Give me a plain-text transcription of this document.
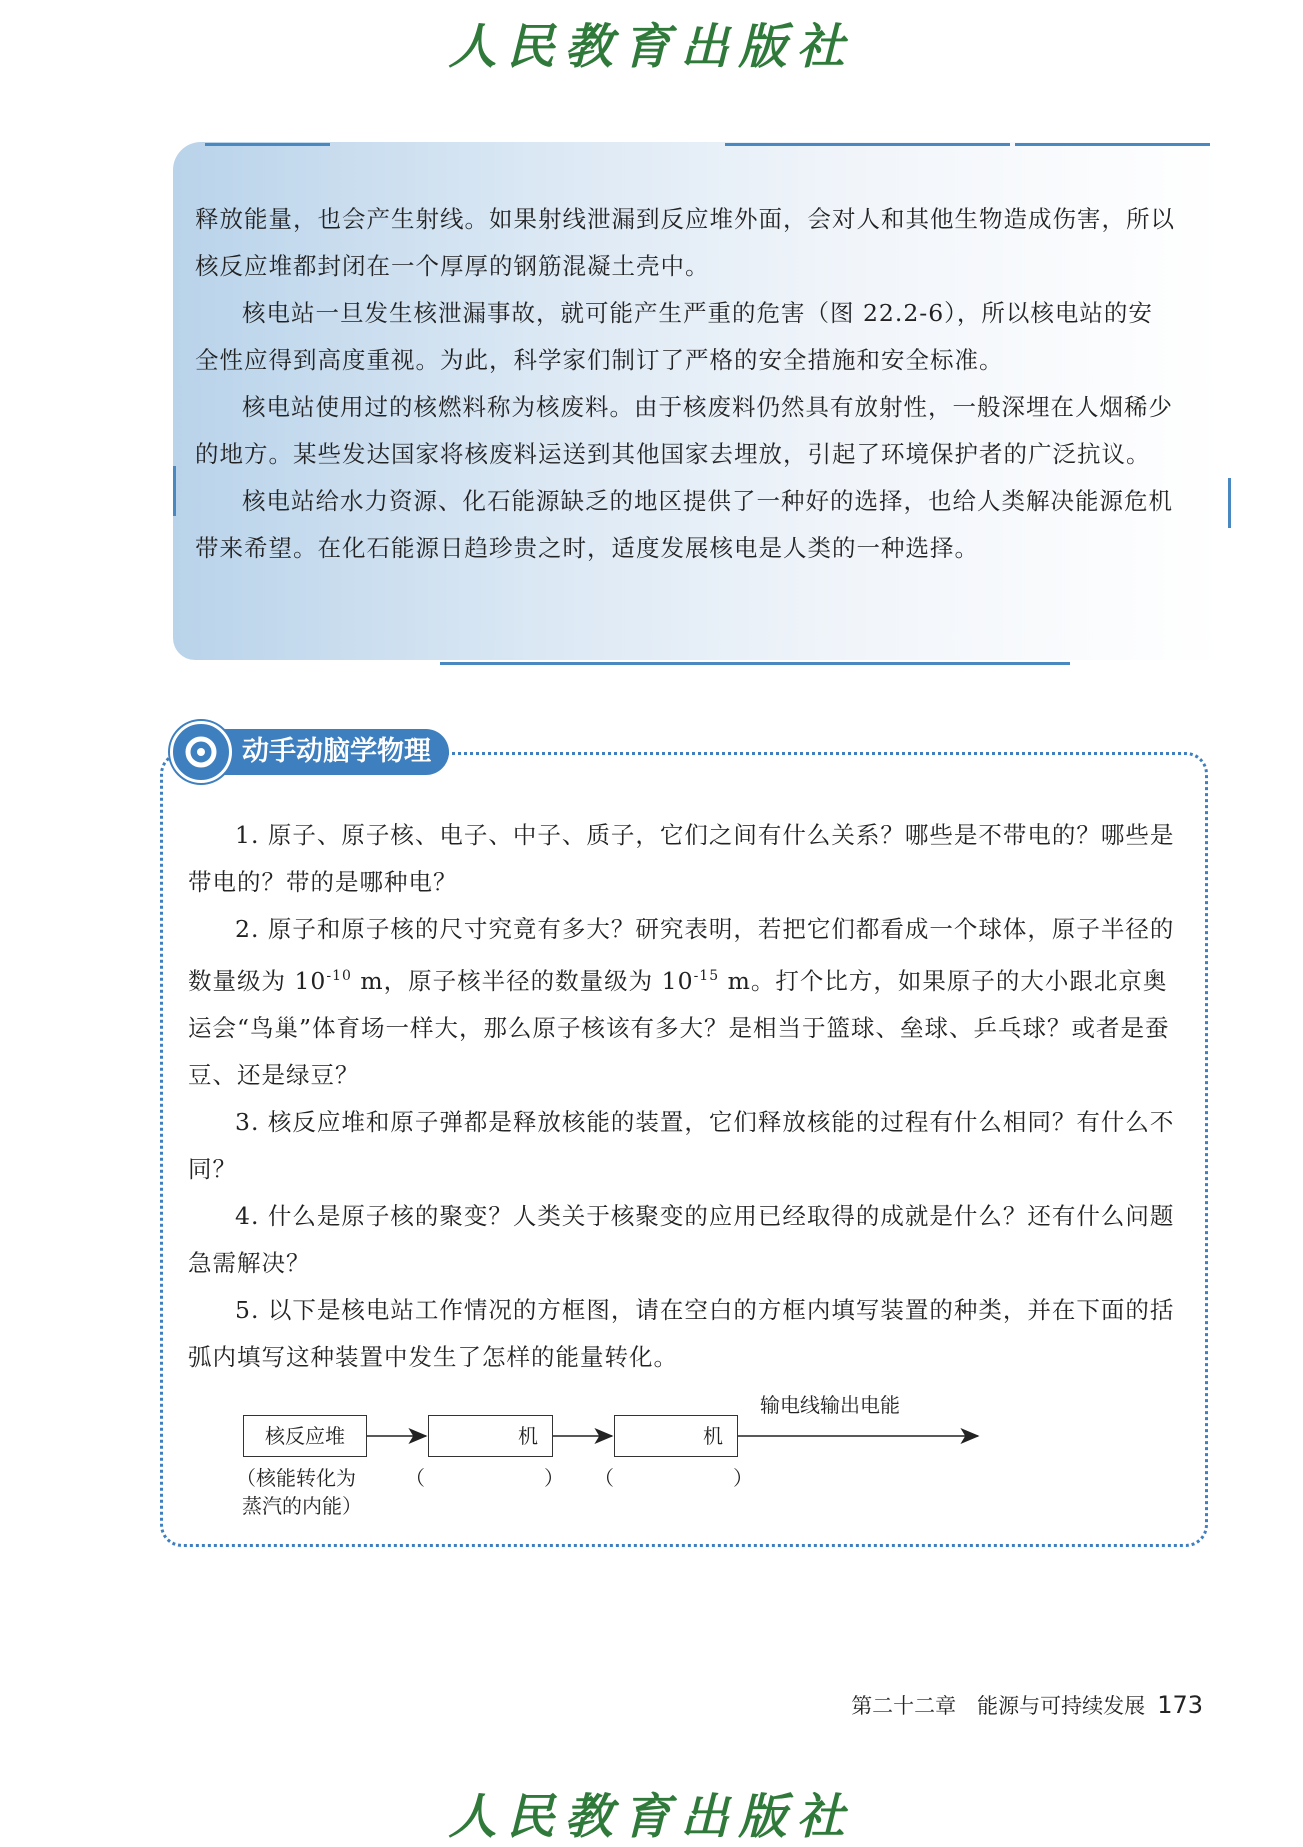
人民教育出版社

释放能量，也会产生射线。如果射线泄漏到反应堆外面，会对人和其他生物造成伤害，所以核反应堆都封闭在一个厚厚的钢筋混凝土壳中。

核电站一旦发生核泄漏事故，就可能产生严重的危害（图 22.2-6），所以核电站的安全性应得到高度重视。为此，科学家们制订了严格的安全措施和安全标准。

核电站使用过的核燃料称为核废料。由于核废料仍然具有放射性，一般深埋在人烟稀少的地方。某些发达国家将核废料运送到其他国家去埋放，引起了环境保护者的广泛抗议。

核电站给水力资源、化石能源缺乏的地区提供了一种好的选择，也给人类解决能源危机带来希望。在化石能源日趋珍贵之时，适度发展核电是人类的一种选择。

动手动脑学物理

1. 原子、原子核、电子、中子、质子，它们之间有什么关系？哪些是不带电的？哪些是带电的？带的是哪种电？

2. 原子和原子核的尺寸究竟有多大？研究表明，若把它们都看成一个球体，原子半径的数量级为 $10^{-10}$ m，原子核半径的数量级为 $10^{-15}$ m。打个比方，如果原子的大小跟北京奥运会“鸟巢”体育场一样大，那么原子核该有多大？是相当于篮球、垒球、乒乓球？或者是蚕豆、还是绿豆？

3. 核反应堆和原子弹都是释放核能的装置，它们释放核能的过程有什么相同？有什么不同？

4. 什么是原子核的聚变？人类关于核聚变的应用已经取得的成就是什么？还有什么问题急需解决？

5. 以下是核电站工作情况的方框图，请在空白的方框内填写装置的种类，并在下面的括弧内填写这种装置中发生了怎样的能量转化。

核反应堆	机	机
输电线输出电能
（核能转化为
蒸汽的内能）
（	） （	）
第二十二章　能源与可持续发展 173
人民教育出版社
